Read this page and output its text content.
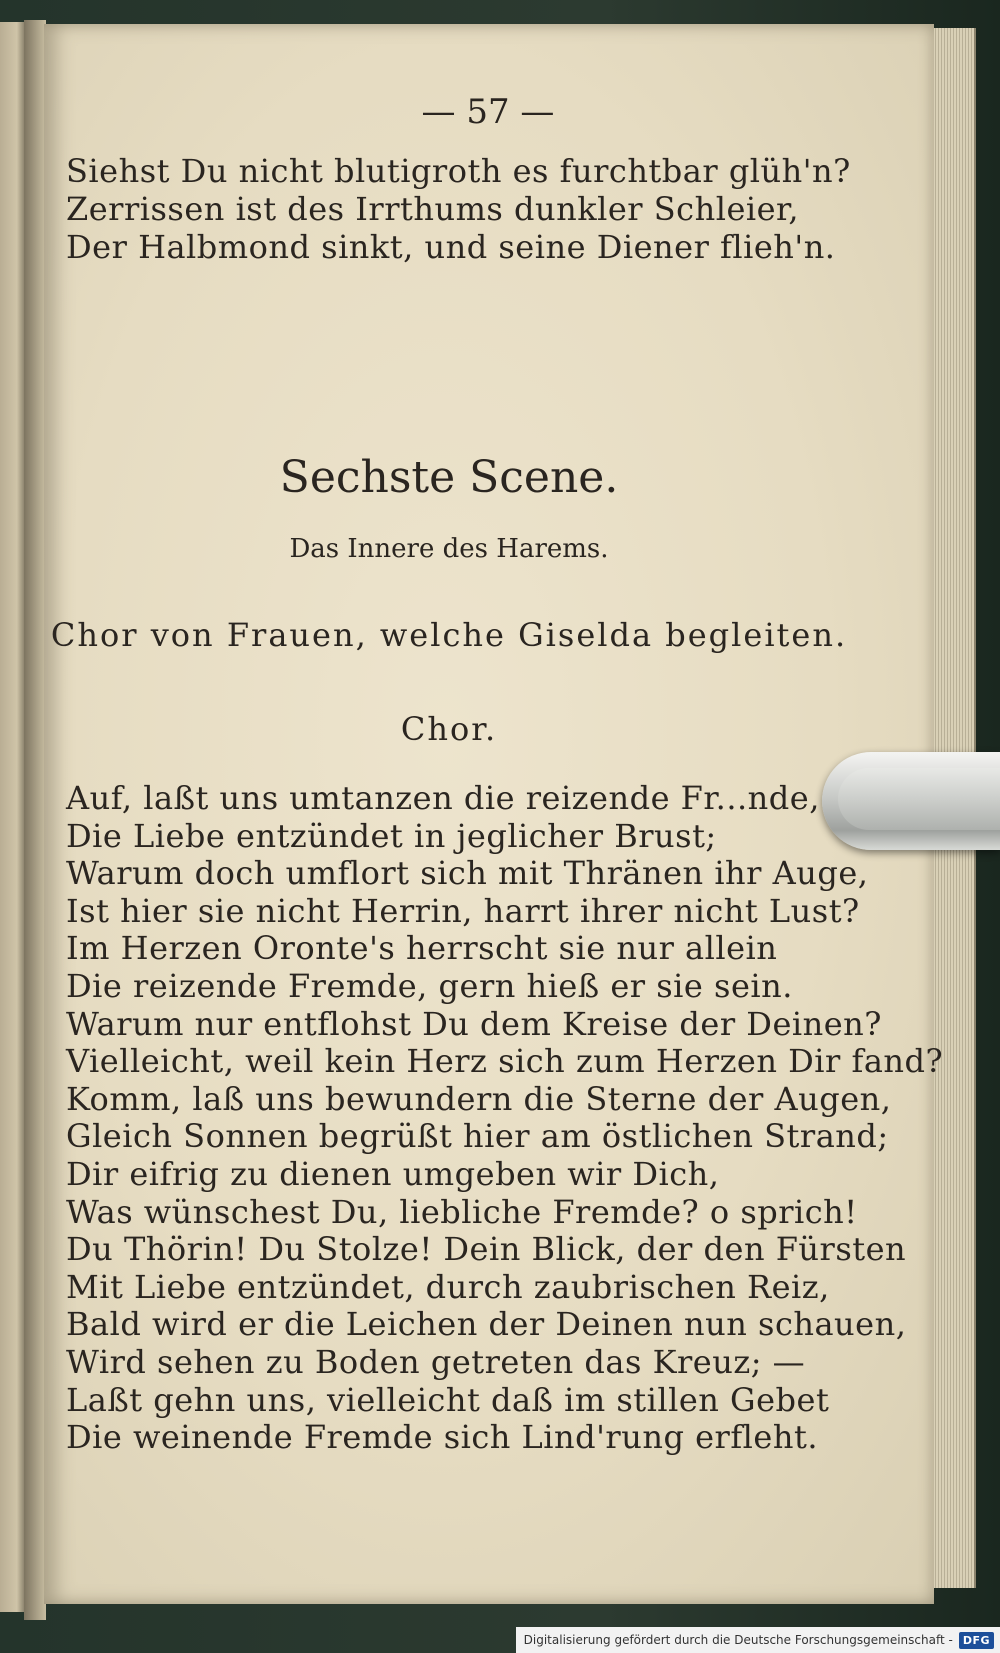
— 57 —
Siehst Du nicht blutigroth es furchtbar glüh'n?
Zerrissen ist des Irrthums dunkler Schleier,
Der Halbmond sinkt, und seine Diener flieh'n.
Sechste Scene.
Das Innere des Harems.
Chor von Frauen, welche Giselda begleiten.
Chor.
Auf, laßt uns umtanzen die reizende Fr...nde,
Die Liebe entzündet in jeglicher Brust;
Warum doch umflort sich mit Thränen ihr Auge,
Ist hier sie nicht Herrin, harrt ihrer nicht Lust?
Im Herzen Oronte's herrscht sie nur allein
Die reizende Fremde, gern hieß er sie sein.
Warum nur entflohst Du dem Kreise der Deinen?
Vielleicht, weil kein Herz sich zum Herzen Dir fand?
Komm, laß uns bewundern die Sterne der Augen,
Gleich Sonnen begrüßt hier am östlichen Strand;
Dir eifrig zu dienen umgeben wir Dich,
Was wünschest Du, liebliche Fremde? o sprich!
Du Thörin! Du Stolze! Dein Blick, der den Fürsten
Mit Liebe entzündet, durch zaubrischen Reiz,
Bald wird er die Leichen der Deinen nun schauen,
Wird sehen zu Boden getreten das Kreuz; —
Laßt gehn uns, vielleicht daß im stillen Gebet
Die weinende Fremde sich Lind'rung erfleht.
Digitalisierung gefördert durch die Deutsche Forschungsgemeinschaft - DFG
